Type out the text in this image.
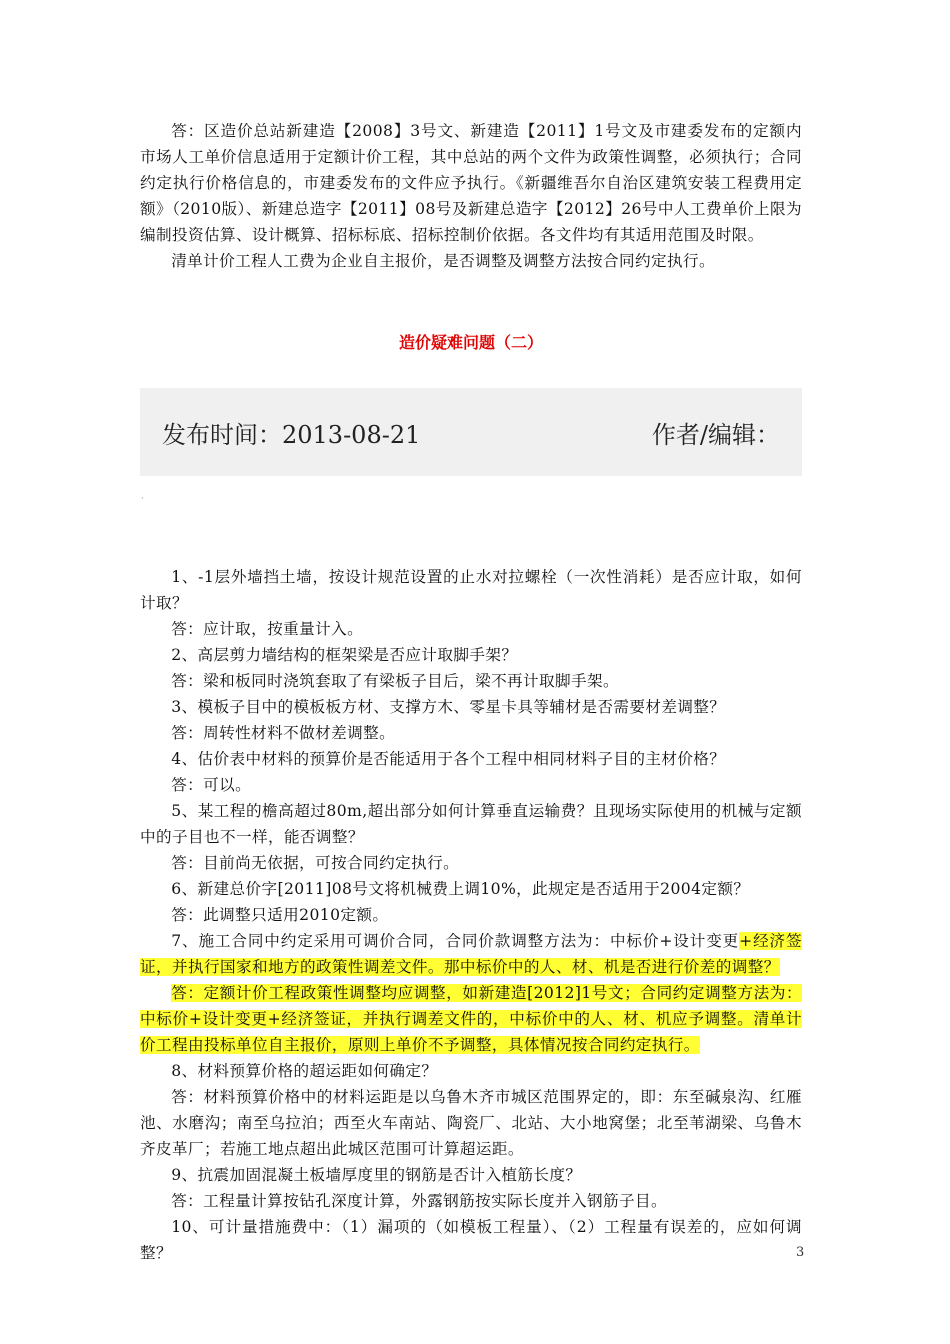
答：区造价总站新建造【2008】3号文、新建造【2011】1号文及市建委发布的定额内市场人工单价信息适用于定额计价工程，其中总站的两个文件为政策性调整，必须执行；合同约定执行价格信息的，市建委发布的文件应予执行。《新疆维吾尔自治区建筑安装工程费用定额》（2010版）、新建总造字【2011】08号及新建总造字【2012】26号中人工费单价上限为编制投资估算、设计概算、招标标底、招标控制价依据。各文件均有其适用范围及时限。

清单计价工程人工费为企业自主报价，是否调整及调整方法按合同约定执行。

造价疑难问题（二）
发布时间：2013-08-21	作者/编辑：
·

1、-1层外墙挡土墙，按设计规范设置的止水对拉螺栓（一次性消耗）是否应计取，如何计取？

答：应计取，按重量计入。

2、高层剪力墙结构的框架梁是否应计取脚手架？

答：梁和板同时浇筑套取了有梁板子目后，梁不再计取脚手架。

3、模板子目中的模板板方材、支撑方木、零星卡具等辅材是否需要材差调整？

答：周转性材料不做材差调整。

4、估价表中材料的预算价是否能适用于各个工程中相同材料子目的主材价格？

答：可以。

5、某工程的檐高超过80m,超出部分如何计算垂直运输费？且现场实际使用的机械与定额中的子目也不一样，能否调整？

答：目前尚无依据，可按合同约定执行。

6、新建总价字[2011]08号文将机械费上调10%，此规定是否适用于2004定额？

答：此调整只适用2010定额。

7、施工合同中约定采用可调价合同，合同价款调整方法为：中标价+设计变更+经济签证，并执行国家和地方的政策性调差文件。那中标价中的人、材、机是否进行价差的调整？

答：定额计价工程政策性调整均应调整，如新建造[2012]1号文；合同约定调整方法为：中标价+设计变更+经济签证，并执行调差文件的，中标价中的人、材、机应予调整。清单计价工程由投标单位自主报价，原则上单价不予调整，具体情况按合同约定执行。

8、材料预算价格的超运距如何确定？

答：材料预算价格中的材料运距是以乌鲁木齐市城区范围界定的，即：东至碱泉沟、红雁池、水磨沟；南至乌拉泊；西至火车南站、陶瓷厂、北站、大小地窝堡；北至苇湖梁、乌鲁木齐皮革厂；若施工地点超出此城区范围可计算超运距。

9、抗震加固混凝土板墙厚度里的钢筋是否计入植筋长度？

答：工程量计算按钻孔深度计算，外露钢筋按实际长度并入钢筋子目。

10、可计量措施费中：（1）漏项的（如模板工程量）、（2）工程量有误差的，应如何调整？	3
